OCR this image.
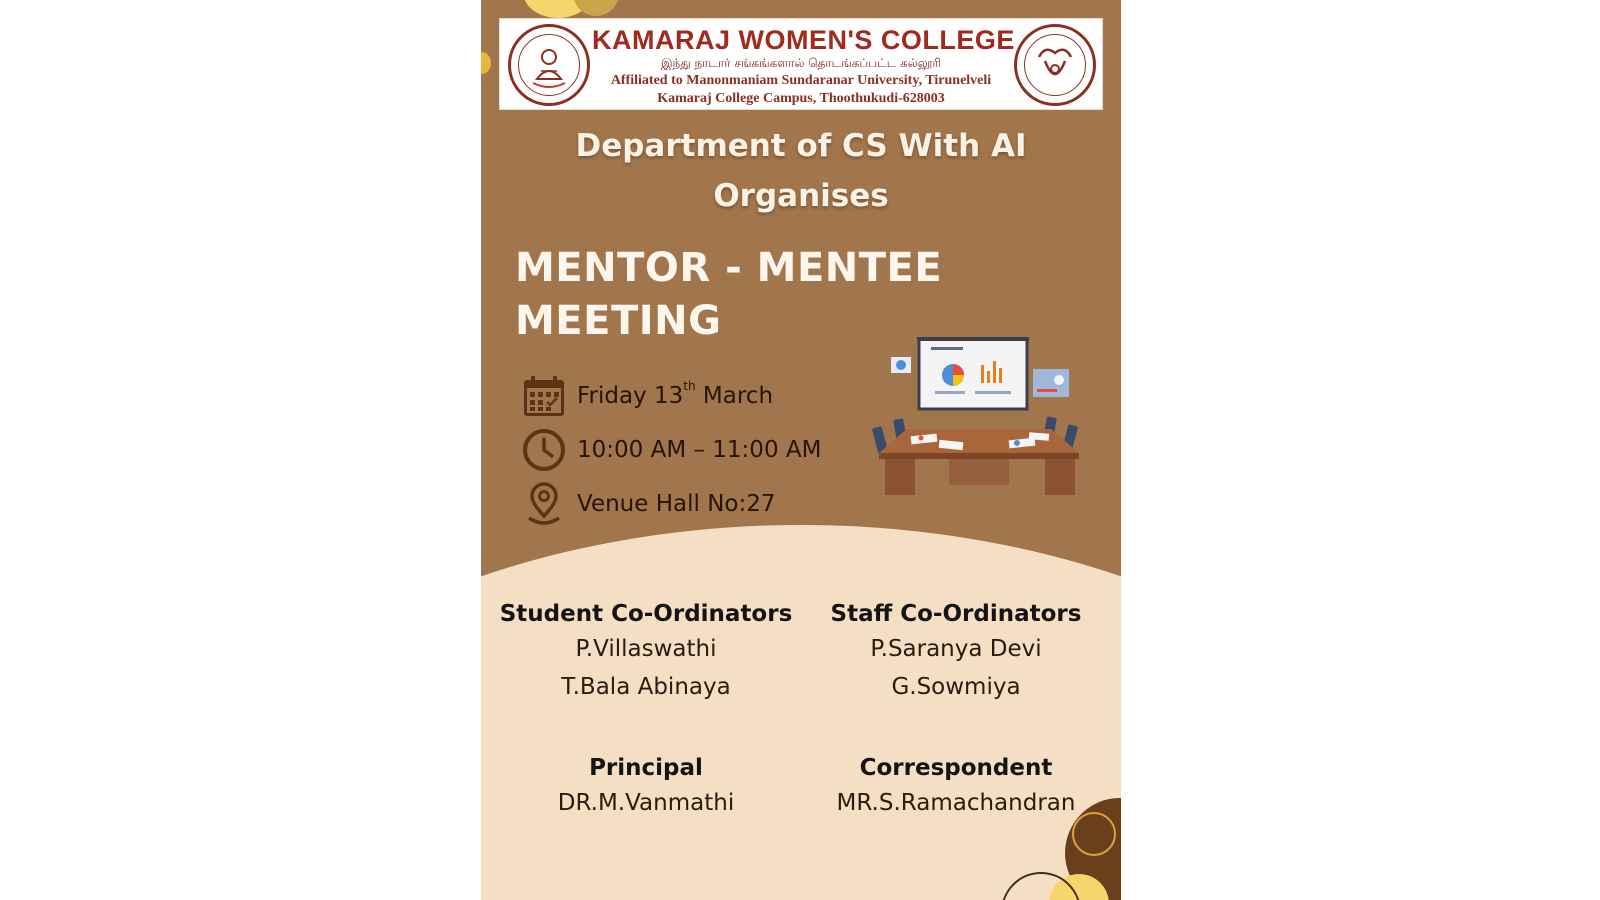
KAMARAJ WOMEN'S COLLEGE
இந்து நாடார் சங்கங்களால் தொடங்கப்பட்ட கல்லூரி
Affiliated to Manonmaniam Sundaranar University, Tirunelveli
Kamaraj College Campus, Thoothukudi-628003
Department of CS With AI
Organises
MENTOR - MENTEE
MEETING
Friday 13th March
10:00 AM – 11:00 AM
Venue Hall No:27
Student Co-Ordinators
P.Villaswathi
T.Bala Abinaya
Staff Co-Ordinators
P.Saranya Devi
G.Sowmiya
Principal
DR.M.Vanmathi
Correspondent
MR.S.Ramachandran
